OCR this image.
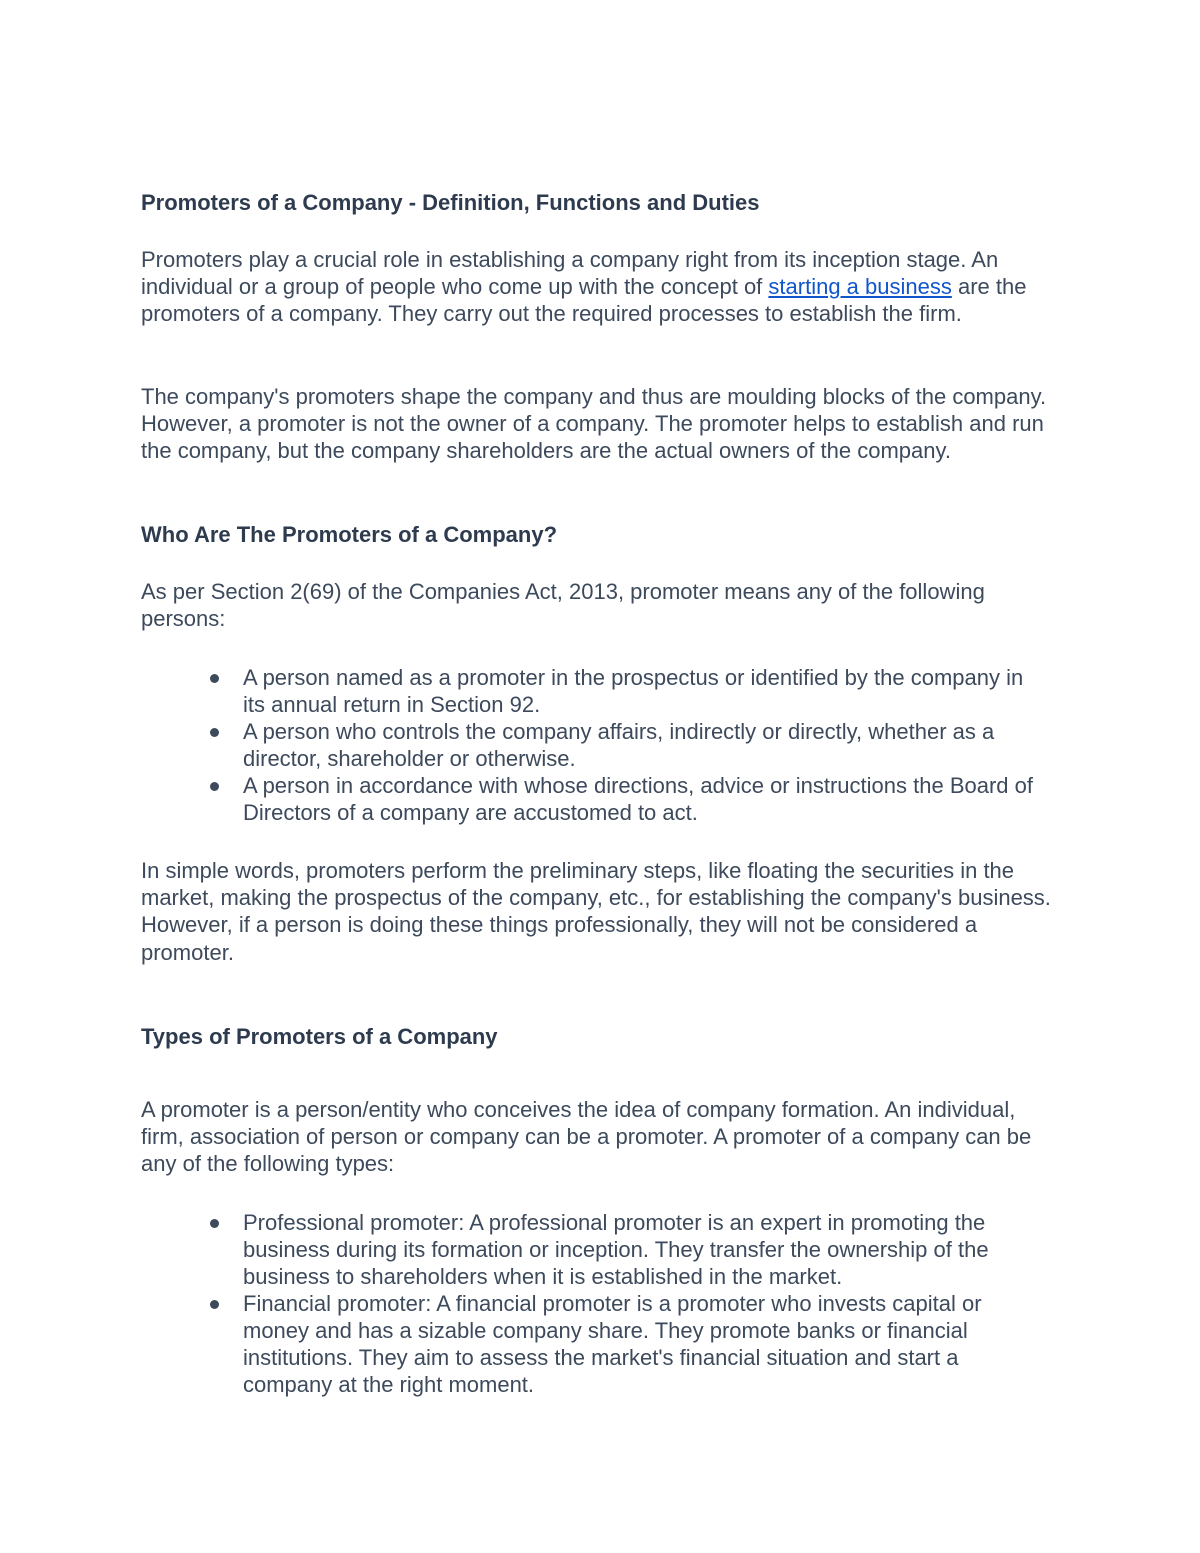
Promoters of a Company - Definition, Functions and Duties

Promoters play a crucial role in establishing a company right from its inception stage. An individual or a group of people who come up with the concept of starting a business are the promoters of a company. They carry out the required processes to establish the firm.

The company's promoters shape the company and thus are moulding blocks of the company. However, a promoter is not the owner of a company. The promoter helps to establish and run the company, but the company shareholders are the actual owners of the company.

Who Are The Promoters of a Company?

As per Section 2(69) of the Companies Act, 2013, promoter means any of the following persons:

A person named as a promoter in the prospectus or identified by the company in its annual return in Section 92.
A person who controls the company affairs, indirectly or directly, whether as a director, shareholder or otherwise.
A person in accordance with whose directions, advice or instructions the Board of Directors of a company are accustomed to act.

In simple words, promoters perform the preliminary steps, like floating the securities in the market, making the prospectus of the company, etc., for establishing the company's business. However, if a person is doing these things professionally, they will not be considered a promoter.

Types of Promoters of a Company

A promoter is a person/entity who conceives the idea of company formation. An individual, firm, association of person or company can be a promoter. A promoter of a company can be any of the following types:

Professional promoter: A professional promoter is an expert in promoting the business during its formation or inception. They transfer the ownership of the business to shareholders when it is established in the market.
Financial promoter: A financial promoter is a promoter who invests capital or money and has a sizable company share. They promote banks or financial institutions. They aim to assess the market's financial situation and start a company at the right moment.
